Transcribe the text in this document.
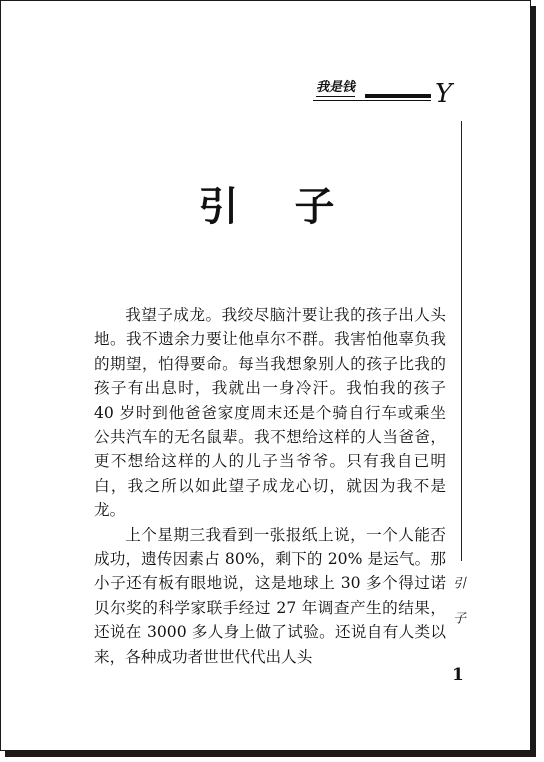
我是钱	Y
引子
引子

我望子成龙。我绞尽脑汁要让我的孩子出人头地。我不遗余力要让他卓尔不群。我害怕他辜负我的期望，怕得要命。每当我想象别人的孩子比我的孩子有出息时，我就出一身冷汗。我怕我的孩子 40 岁时到他爸爸家度周末还是个骑自行车或乘坐公共汽车的无名鼠辈。我不想给这样的人当爸爸，更不想给这样的人的儿子当爷爷。只有我自已明白，我之所以如此望子成龙心切，就因为我不是龙。

上个星期三我看到一张报纸上说，一个人能否成功，遗传因素占 80%，剩下的 20% 是运气。那小子还有板有眼地说，这是地球上 30 多个得过诺贝尔奖的科学家联手经过 27 年调查产生的结果，还说在 3000 多人身上做了试验。还说自有人类以来，各种成功者世世代代出人头

1
